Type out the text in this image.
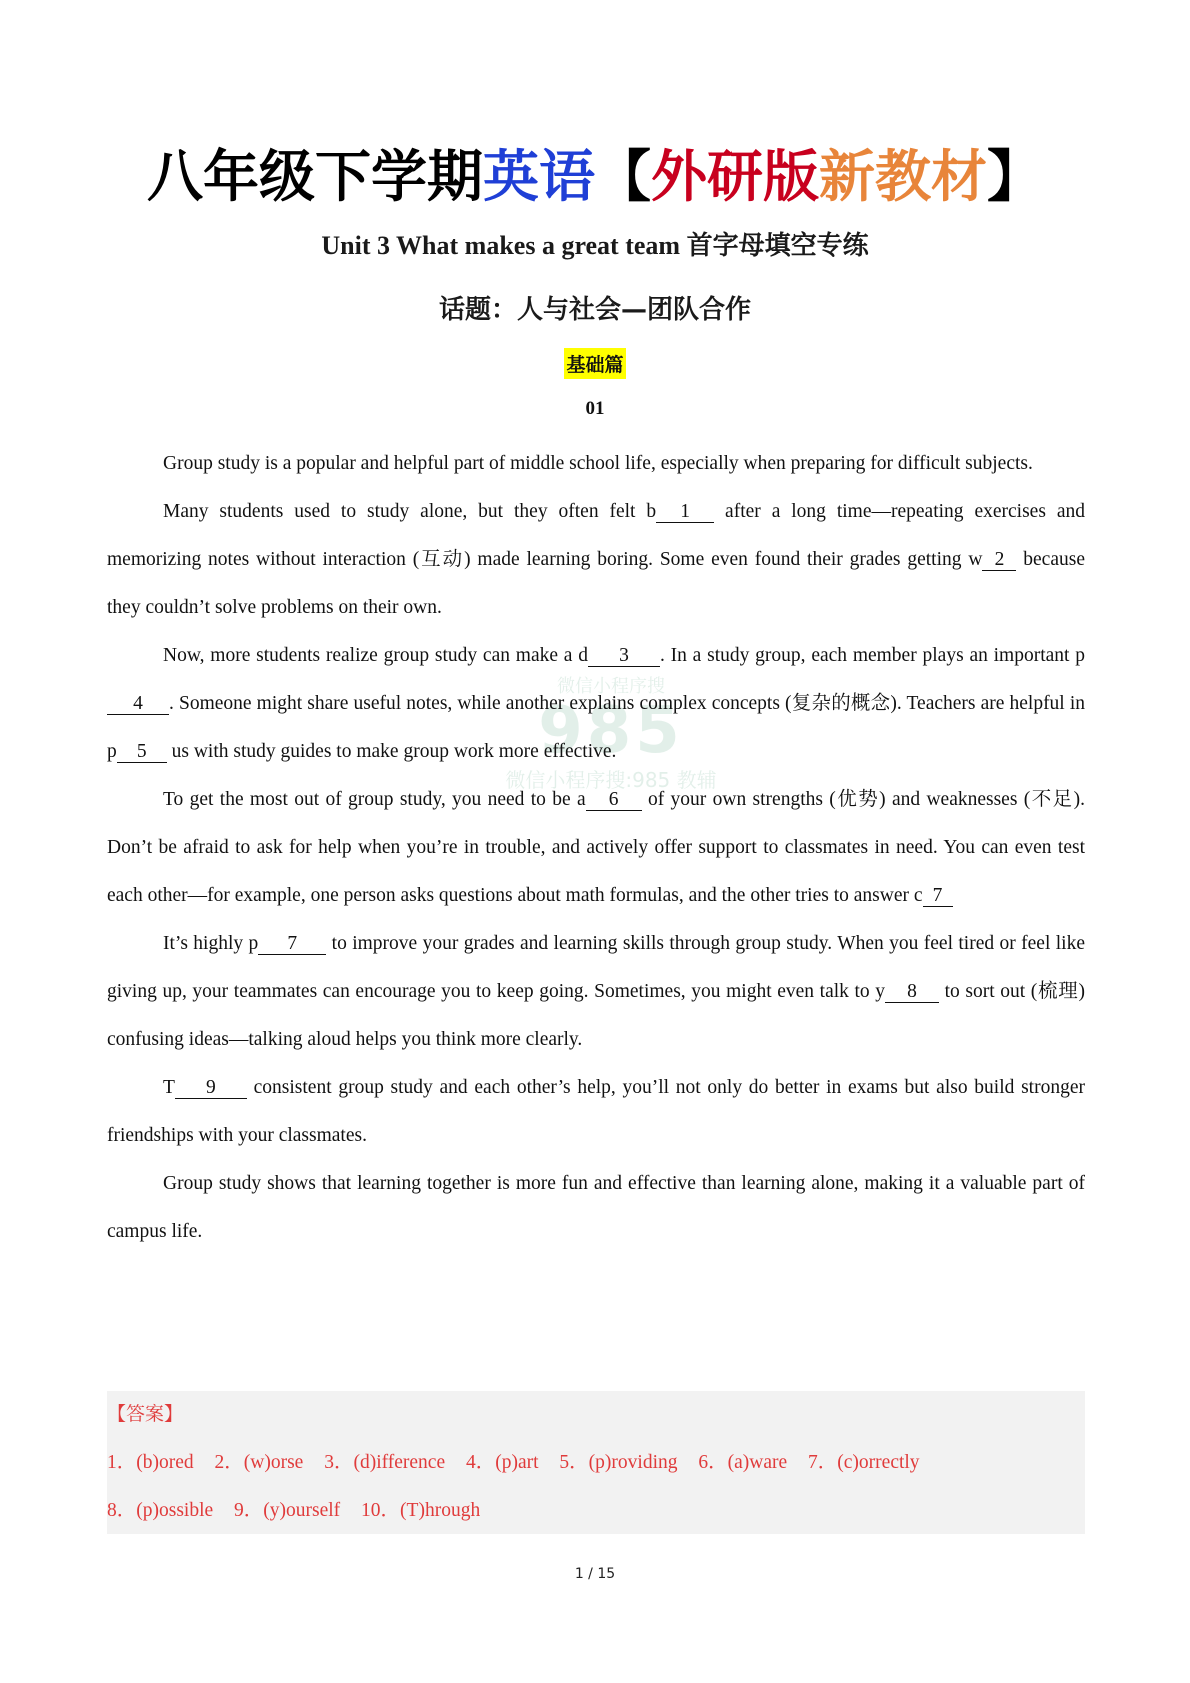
八年级下学期英语【外研版新教材】
Unit 3 What makes a great team 首字母填空专练
话题：人与社会—团队合作
基础篇
01
微信小程序搜
985
微信小程序搜:985 教辅

Group study is a popular and helpful part of middle school life, especially when preparing for difficult subjects.

Many students used to study alone, but they often felt b 1 after a long time—repeating exercises and memorizing notes without interaction (互动) made learning boring. Some even found their grades getting w 2 because they couldn’t solve problems on their own.

Now, more students realize group study can make a d 3 . In a study group, each member plays an important p4 . Someone might share useful notes, while another explains complex concepts (复杂的概念). Teachers are helpful in p 5 us with study guides to make group work more effective.

To get the most out of group study, you need to be a 6 of your own strengths (优势) and weaknesses (不足). Don’t be afraid to ask for help when you’re in trouble, and actively offer support to classmates in need. You can even test each other—for example, one person asks questions about math formulas, and the other tries to answer c 7

It’s highly p 7 to improve your grades and learning skills through group study. When you feel tired or feel like giving up, your teammates can encourage you to keep going. Sometimes, you might even talk to y 8 to sort out (梳理) confusing ideas—talking aloud helps you think more clearly.

T 9 consistent group study and each other’s help, you’ll not only do better in exams but also build stronger friendships with your classmates.

Group study shows that learning together is more fun and effective than learning alone, making it a valuable part of campus life.

【答案】
1．(b)ored 2．(w)orse 3．(d)ifference 4．(p)art 5．(p)roviding 6．(a)ware 7．(c)orrectly
8．(p)ossible 9．(y)ourself 10．(T)hrough
1 / 15
